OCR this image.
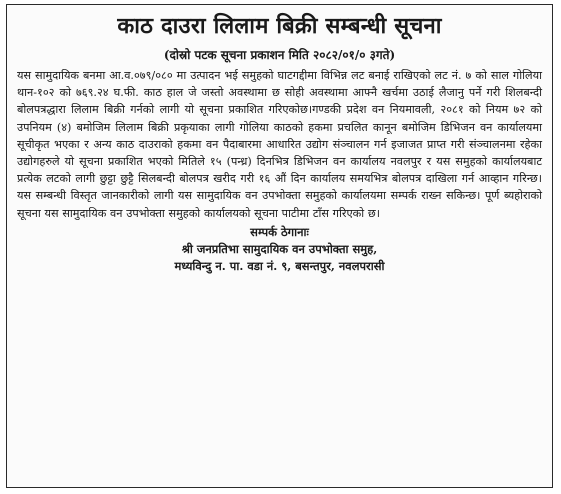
काठ दाउरा लिलाम बिक्री सम्बन्धी सूचना
(दोस्रो पटक सूचना प्रकाशन मिति २०८२/०१/० ३गते)

यस सामुदायिक बनमा आ.व.०७९/०८० मा उत्पादन भई समुहको घाटगद्दीमा विभिन्न लट बनाई राखिएको लट नं. ७ को साल गोलिया थान-१०२ को ७६९.२४ घ.फी. काठ हाल जे जस्तो अवस्थामा छ सोही अवस्थामा आफ्नै खर्चमा उठाई लैजानु पर्ने गरी शिलबन्दी बोलपत्रद्धारा लिलाम बिक्री गर्नको लागी यो सूचना प्रकाशित गरिएकोछ।गण्डकी प्रदेश वन नियमावली, २०८१ को नियम ७२ को उपनियम (४) बमोजिम लिलाम बिक्री प्रकृयाका लागी गोलिया काठको हकमा प्रचलित कानून बमोजिम डिभिजन वन कार्यालयमा सूचीकृत भएका र अन्य काठ दाउराको हकमा वन पैदाबारमा आधारित उद्योग संञ्चालन गर्न इजाजत प्राप्त गरी संञ्चालनमा रहेका उद्योगहरुले यो सूचना प्रकाशित भएको मितिले १५ (पन्ध्र) दिनभित्र डिभिजन वन कार्यालय नवलपुर र यस समुहको कार्यालयबाट प्रत्येक लटको लागी छुट्टा छुट्टै सिलबन्दी बोलपत्र खरीद गरी १६ औं दिन कार्यालय समयभित्र बोलपत्र दाखिला गर्न आव्हान गरिन्छ। यस सम्बन्धी विस्तृत जानकारीको लागी यस सामुदायिक वन उपभोक्ता समुहको कार्यालयमा सम्पर्क राख्न सकिन्छ। पूर्ण ब्यहोराको सूचना यस सामुदायिक वन उपभोक्ता समुहको कार्यालयको सूचना पाटीमा टाँस गरिएको छ।

सम्पर्क ठेगानाः
श्री जनप्रतिभा सामुदायिक वन उपभोक्ता समुह,
मध्यविन्दु न. पा. वडा नं. ९, बसन्तपुर, नवलपरासी
